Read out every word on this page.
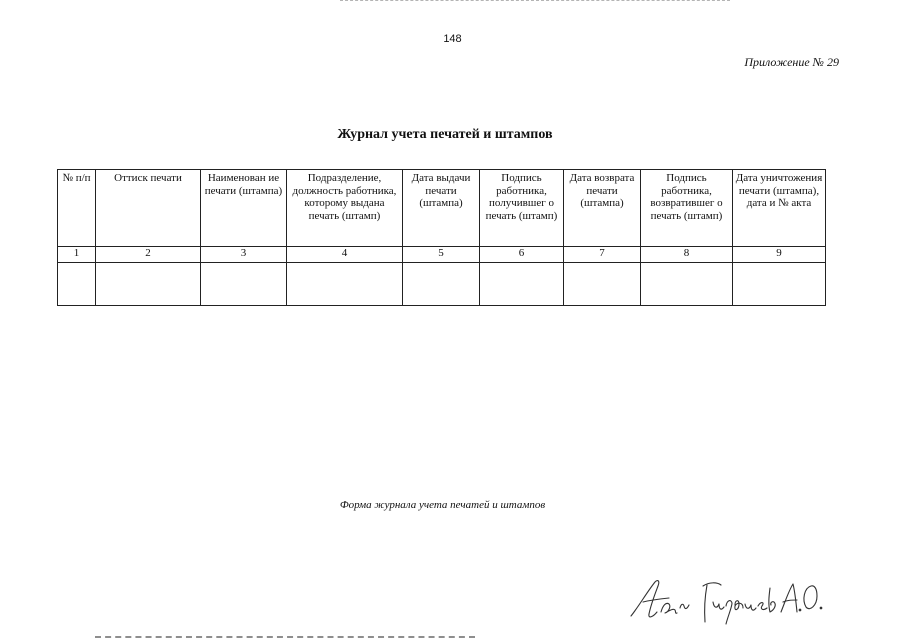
148
Приложение № 29
Журнал учета печатей и штампов
№ п/п	Оттиск печати	Наименован ие печати (штампа)	Подразделение, должность работника, которому выдана печать (штамп)	Дата выдачи печати (штампа)	Подпись работника, получившег о печать (штамп)	Дата возврата печати (штампа)	Подпись работника, возвратившег о печать (штамп)	Дата уничтожения печати (штампа), дата и № акта
1	2	3	4	5	6	7	8	9

Форма журнала учета печатей и штампов
